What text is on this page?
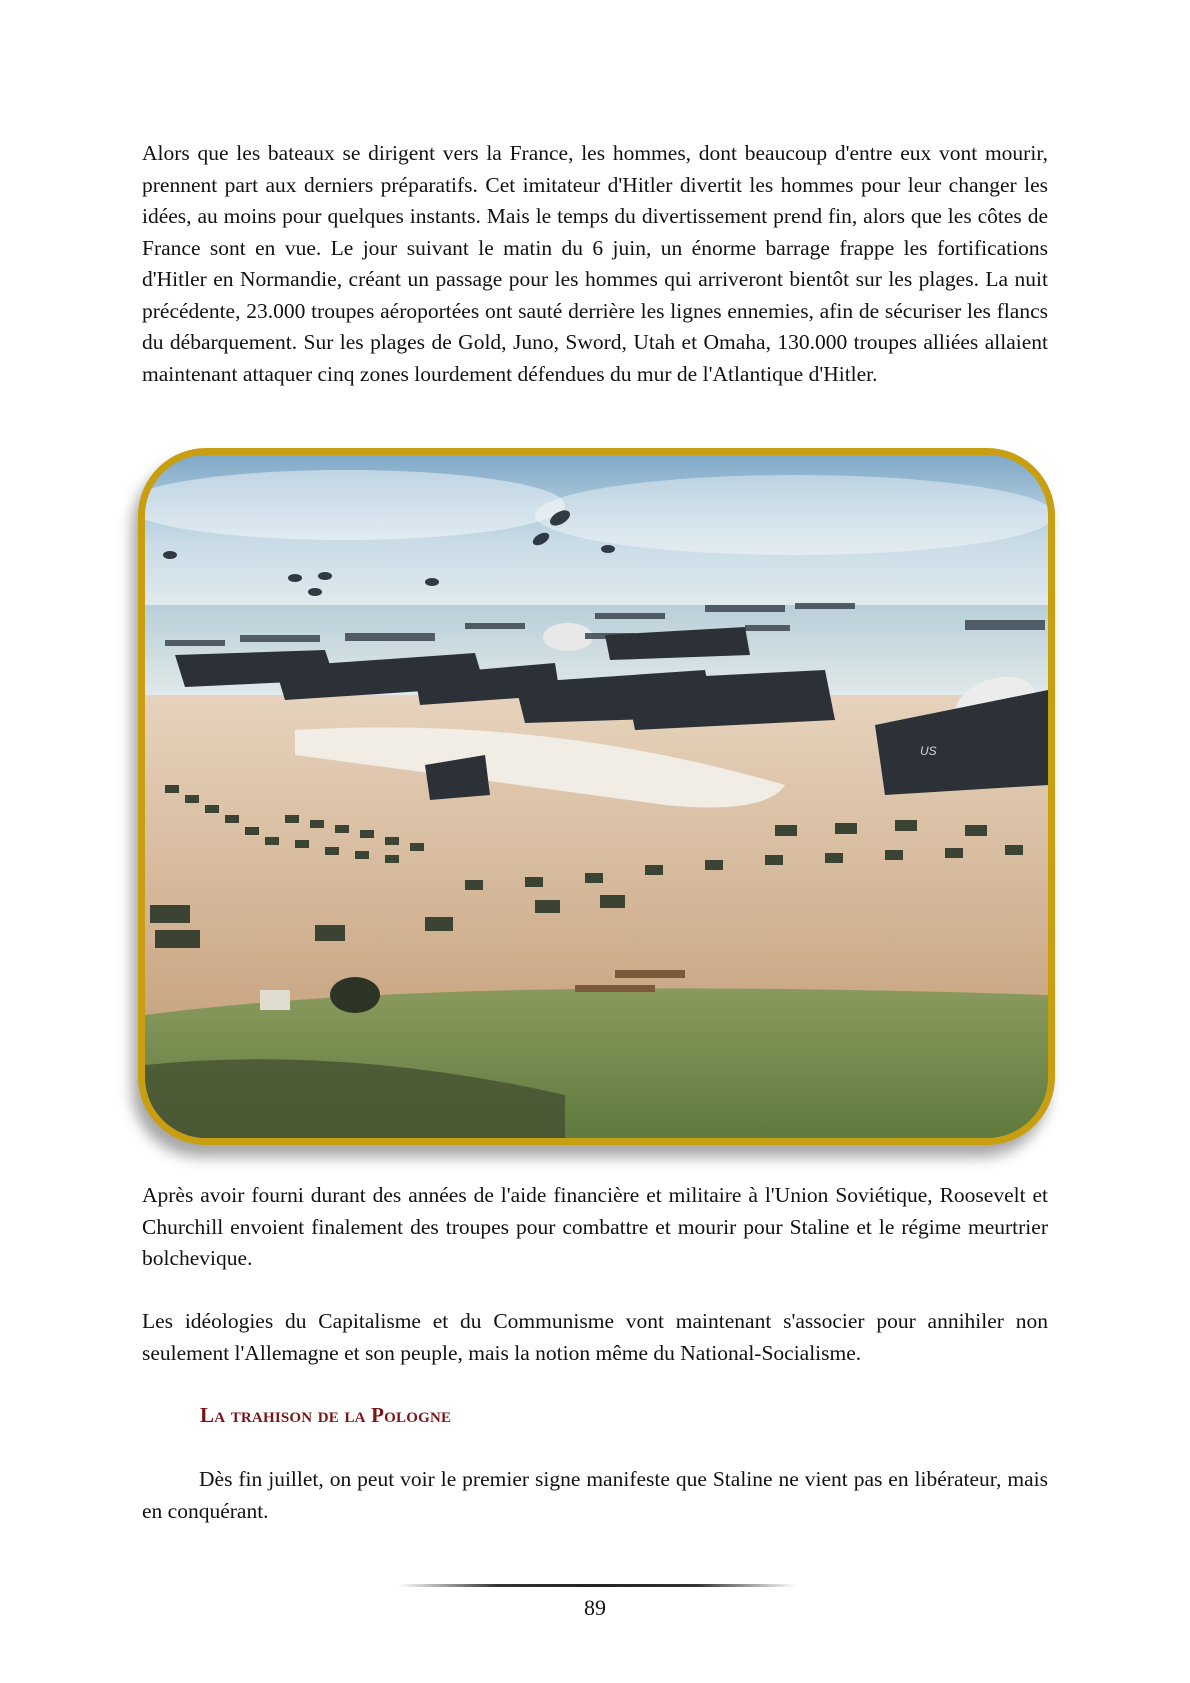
Alors que les bateaux se dirigent vers la France, les hommes, dont beaucoup d'entre eux vont mourir, prennent part aux derniers préparatifs. Cet imitateur d'Hitler divertit les hommes pour leur changer les idées, au moins pour quelques instants. Mais le temps du divertissement prend fin, alors que les côtes de France sont en vue. Le jour suivant le matin du 6 juin, un énorme barrage frappe les fortifications d'Hitler en Normandie, créant un passage pour les hommes qui arriveront bientôt sur les plages. La nuit précédente, 23.000 troupes aéroportées ont sauté derrière les lignes ennemies, afin de sécuriser les flancs du débarquement. Sur les plages de Gold, Juno, Sword, Utah et Omaha, 130.000 troupes alliées allaient maintenant attaquer cinq zones lourdement défendues du mur de l'Atlantique d'Hitler.

US

Après avoir fourni durant des années de l'aide financière et militaire à l'Union Soviétique, Roosevelt et Churchill envoient finalement des troupes pour combattre et mourir pour Staline et le régime meurtrier bolchevique.

Les idéologies du Capitalisme et du Communisme vont maintenant s'associer pour annihiler non seulement l'Allemagne et son peuple, mais la notion même du National-Socialisme.

La trahison de la Pologne

Dès fin juillet, on peut voir le premier signe manifeste que Staline ne vient pas en libérateur, mais en conquérant.

89
